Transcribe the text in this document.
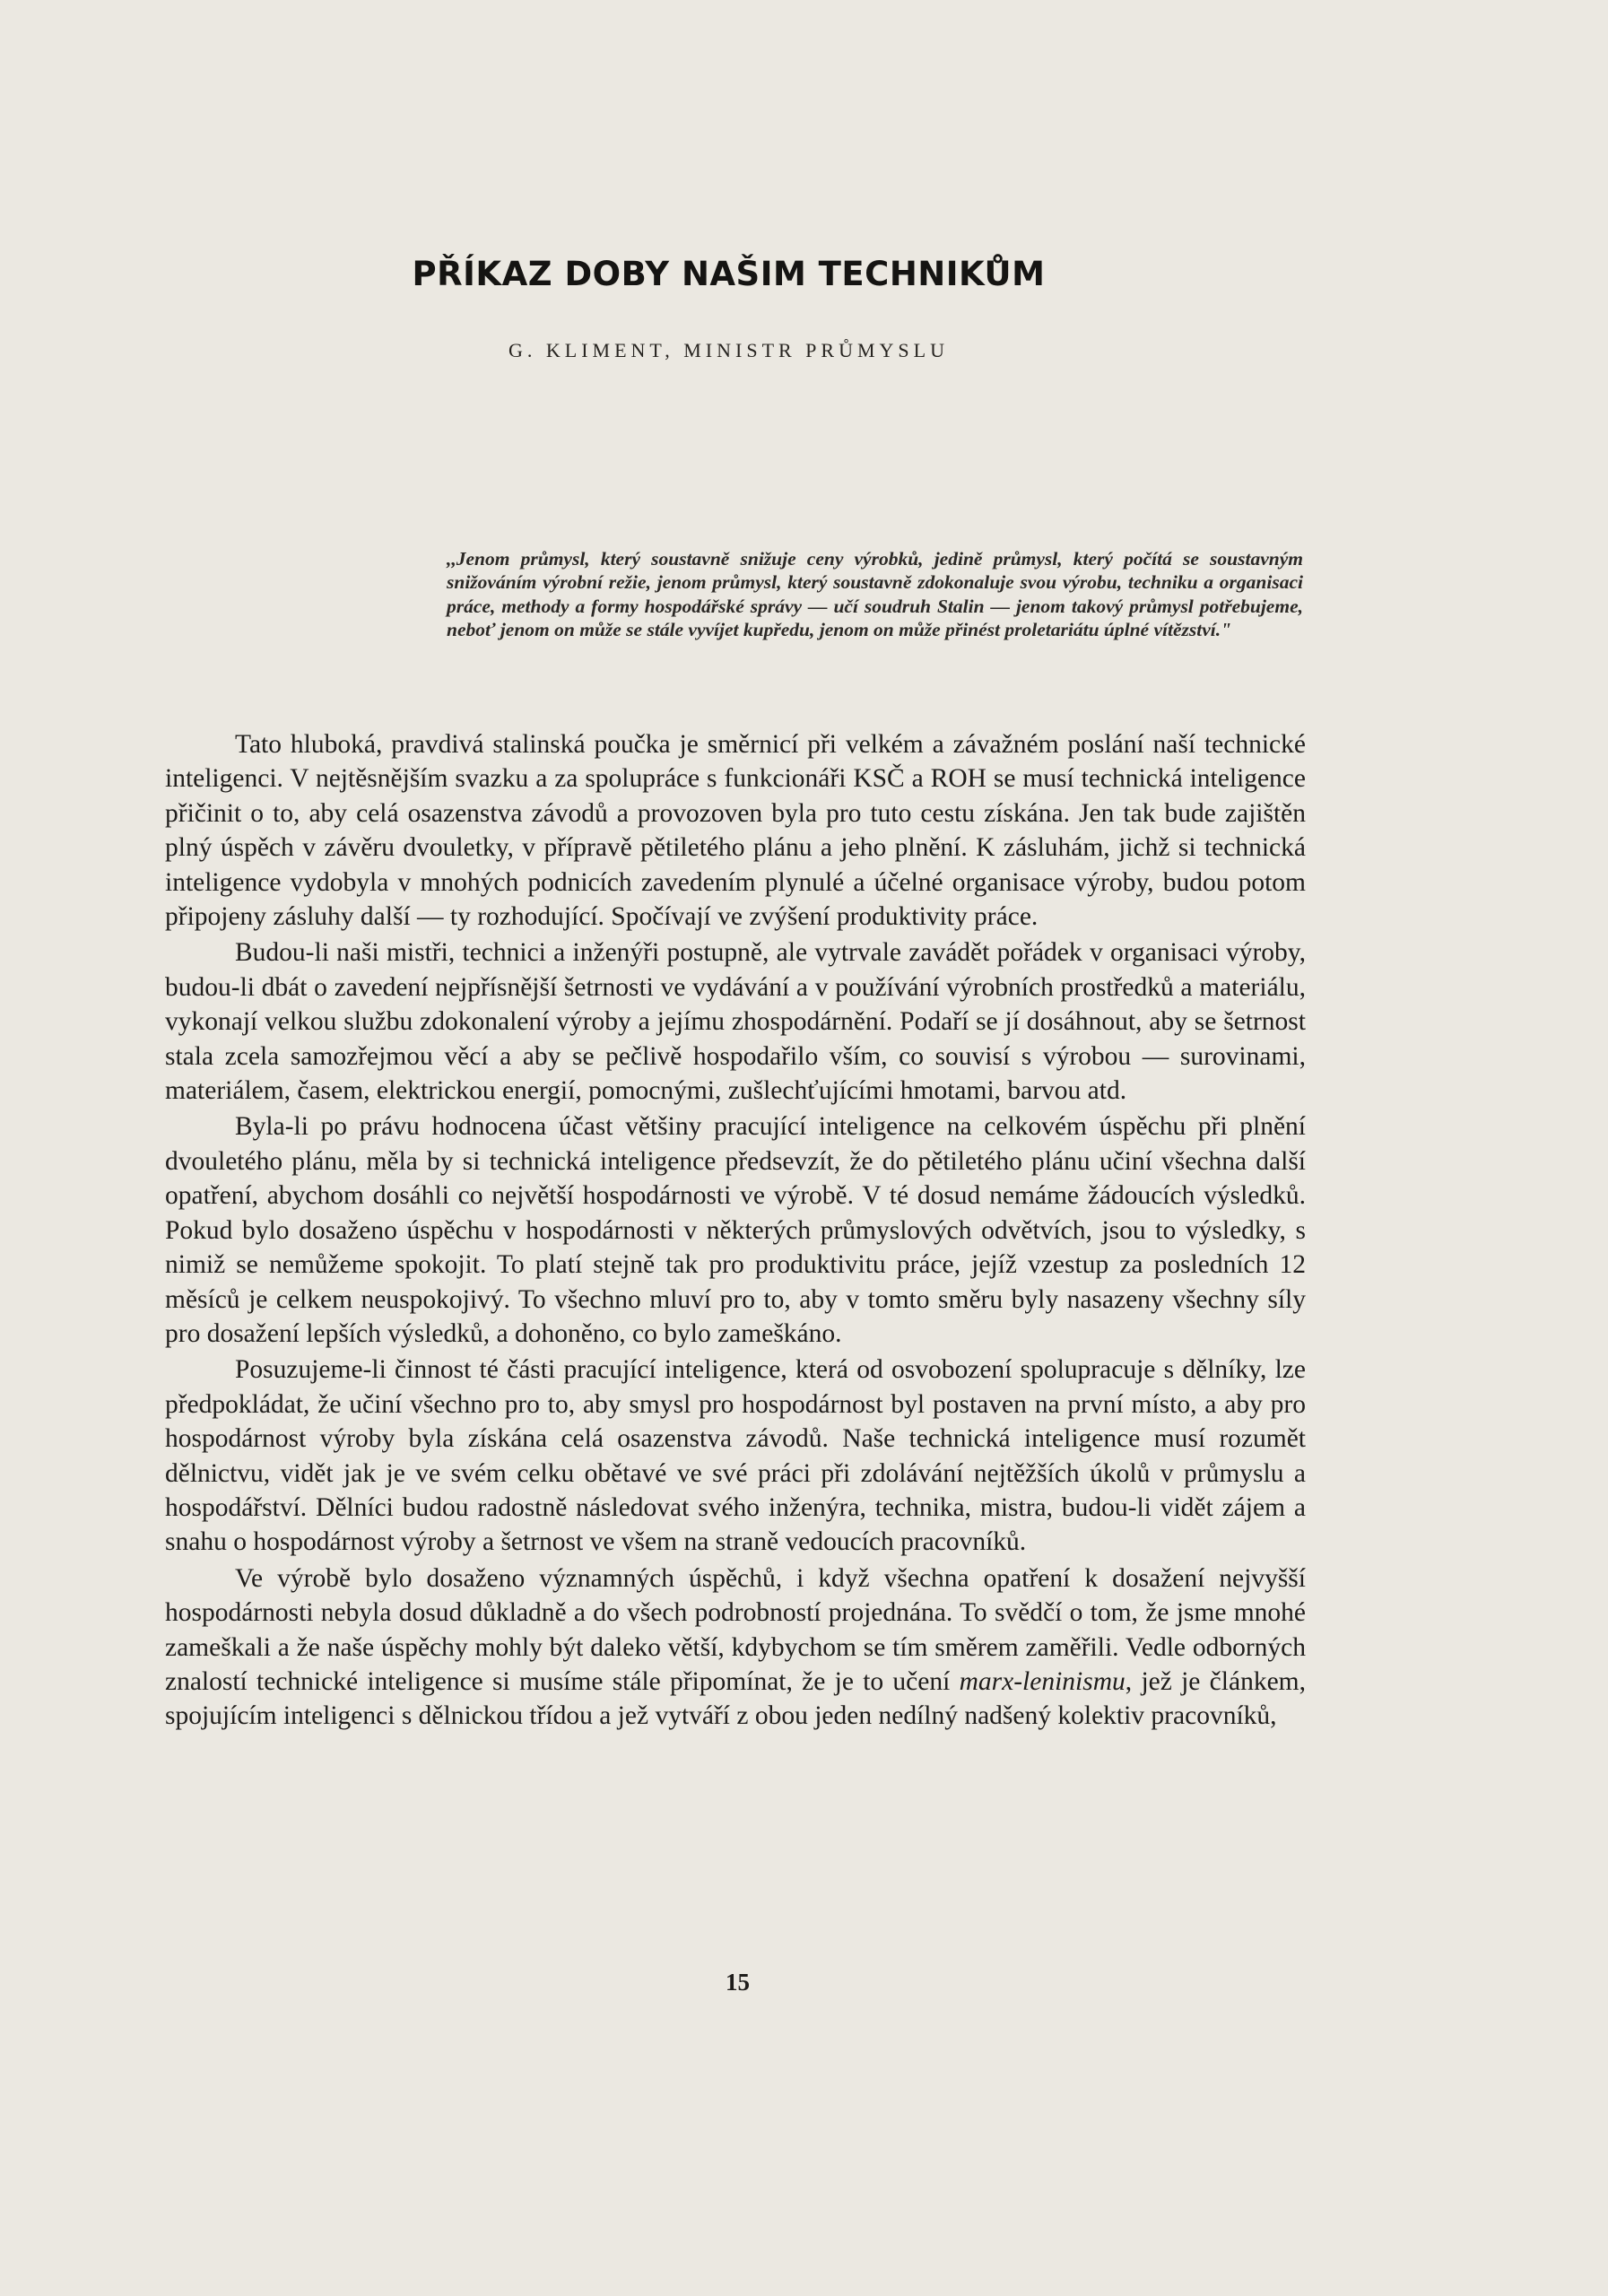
PŘÍKAZ DOBY NAŠIM TECHNIKŮM
G. KLIMENT, MINISTR PRŮMYSLU
,,Jenom průmysl, který soustavně snižuje ceny výrobků, jedině průmysl, který počítá se soustavným snižováním výrobní režie, jenom průmysl, který soustavně zdokonaluje svou výrobu, techniku a organisaci práce, methody a formy hospodářské správy — učí soudruh Stalin — jenom takový průmysl potřebujeme, neboť jenom on může se stále vyvíjet kupředu, jenom on může přinést proletariátu úplné vítězství."

Tato hluboká, pravdivá stalinská poučka je směrnicí při velkém a závažném poslání naší technické inteligenci. V nejtěsnějším svazku a za spolupráce s funkcionáři KSČ a ROH se musí technická inteligence přičinit o to, aby celá osazenstva závodů a provozoven byla pro tuto cestu získána. Jen tak bude zajištěn plný úspěch v závěru dvouletky, v přípravě pětiletého plánu a jeho plnění. K zásluhám, jichž si technická inteligence vydobyla v mnohých podnicích zavedením plynulé a účelné organisace výroby, budou potom připojeny zásluhy další — ty rozhodující. Spočívají ve zvýšení produktivity práce.

Budou-li naši mistři, technici a inženýři postupně, ale vytrvale zavádět pořádek v organisaci výroby, budou-li dbát o zavedení nejpřísnější šetrnosti ve vydávání a v používání výrobních prostředků a materiálu, vykonají velkou službu zdokonalení výroby a jejímu zhospodárnění. Podaří se jí dosáhnout, aby se šetrnost stala zcela samozřejmou věcí a aby se pečlivě hospodařilo vším, co souvisí s výrobou — surovinami, materiálem, časem, elektrickou energií, pomocnými, zušlechťujícími hmotami, barvou atd.

Byla-li po právu hodnocena účast většiny pracující inteligence na celkovém úspěchu při plnění dvouletého plánu, měla by si technická inteligence předsevzít, že do pětiletého plánu učiní všechna další opatření, abychom dosáhli co největší hospodárnosti ve výrobě. V té dosud nemáme žádoucích výsledků. Pokud bylo dosaženo úspěchu v hospodárnosti v některých průmyslových odvětvích, jsou to výsledky, s nimiž se nemůžeme spokojit. To platí stejně tak pro produktivitu práce, jejíž vzestup za posledních 12 měsíců je celkem neuspokojivý. To všechno mluví pro to, aby v tomto směru byly nasazeny všechny síly pro dosažení lepších výsledků, a dohoněno, co bylo zameškáno.

Posuzujeme-li činnost té části pracující inteligence, která od osvobození spolupracuje s dělníky, lze předpokládat, že učiní všechno pro to, aby smysl pro hospodárnost byl postaven na první místo, a aby pro hospodárnost výroby byla získána celá osazenstva závodů. Naše technická inteligence musí rozumět dělnictvu, vidět jak je ve svém celku obětavé ve své práci při zdolávání nejtěžších úkolů v průmyslu a hospodářství. Dělníci budou radostně následovat svého inženýra, technika, mistra, budou-li vidět zájem a snahu o hospodárnost výroby a šetrnost ve všem na straně vedoucích pracovníků.

Ve výrobě bylo dosaženo významných úspěchů, i když všechna opatření k dosažení nejvyšší hospodárnosti nebyla dosud důkladně a do všech podrobností projednána. To svědčí o tom, že jsme mnohé zameškali a že naše úspěchy mohly být daleko větší, kdybychom se tím směrem zaměřili. Vedle odborných znalostí technické inteligence si musíme stále připomínat, že je to učení marx-leninismu, jež je článkem, spojujícím inteligenci s dělnickou třídou a jež vytváří z obou jeden nedílný nadšený kolektiv pracovníků,

15
